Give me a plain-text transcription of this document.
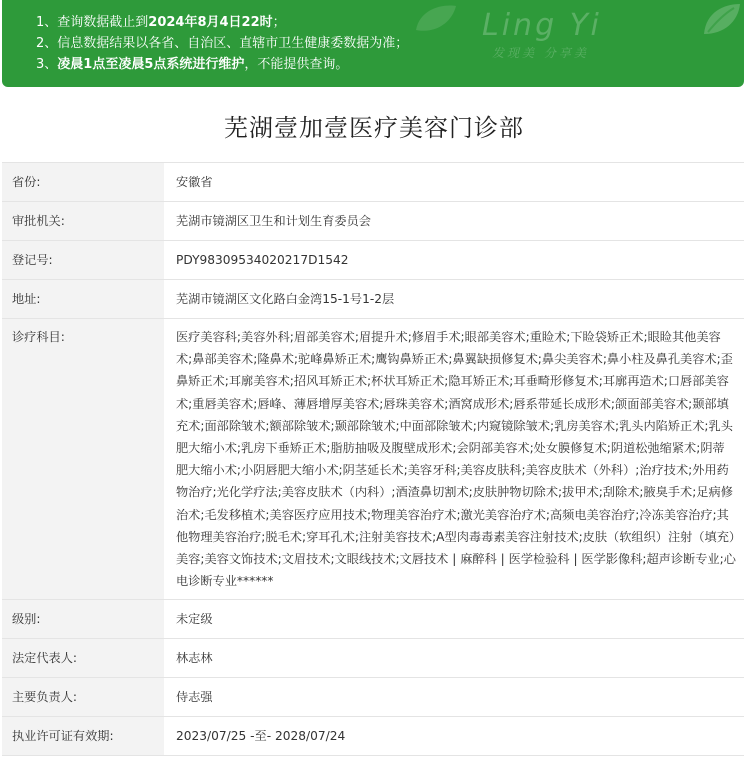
1、查询数据截止到2024年8月4日22时；
2、信息数据结果以各省、自治区、直辖市卫生健康委数据为准；
3、凌晨1点至凌晨5点系统进行维护，不能提供查询。
Ling Yi
发现美 分享美
芜湖壹加壹医疗美容门诊部
省份:	安徽省
审批机关:	芜湖市镜湖区卫生和计划生育委员会
登记号:	PDY98309534020217D1542
地址:	芜湖市镜湖区文化路白金湾15-1号1-2层
诊疗科目:	医疗美容科;美容外科;眉部美容术;眉提升术;修眉手术;眼部美容术;重睑术;下睑袋矫正术;眼睑其他美容术;鼻部美容术;隆鼻术;驼峰鼻矫正术;鹰钩鼻矫正术;鼻翼缺损修复术;鼻尖美容术;鼻小柱及鼻孔美容术;歪鼻矫正术;耳廓美容术;招风耳矫正术;杯状耳矫正术;隐耳矫正术;耳垂畸形修复术;耳廓再造术;口唇部美容术;重唇美容术;唇峰、薄唇增厚美容术;唇珠美容术;酒窝成形术;唇系带延长成形术;颌面部美容术;颞部填充术;面部除皱术;额部除皱术;颞部除皱术;中面部除皱术;内窥镜除皱术;乳房美容术;乳头内陷矫正术;乳头肥大缩小术;乳房下垂矫正术;脂肪抽吸及腹壁成形术;会阴部美容术;处女膜修复术;阴道松弛缩紧术;阴蒂肥大缩小术;小阴唇肥大缩小术;阴茎延长术;美容牙科;美容皮肤科;美容皮肤术（外科）;治疗技术;外用药物治疗;光化学疗法;美容皮肤术（内科）;酒渣鼻切割术;皮肤肿物切除术;拔甲术;刮除术;腋臭手术;足病修治术;毛发移植术;美容医疗应用技术;物理美容治疗术;激光美容治疗术;高频电美容治疗;冷冻美容治疗;其他物理美容治疗;脱毛术;穿耳孔术;注射美容技术;A型肉毒毒素美容注射技术;皮肤（软组织）注射（填充）美容;美容文饰技术;文眉技术;文眼线技术;文唇技术 | 麻醉科 | 医学检验科 | 医学影像科;超声诊断专业;心电诊断专业******
级别:	未定级
法定代表人:	林志林
主要负责人:	侍志强
执业许可证有效期:	2023/07/25 -至- 2028/07/24
